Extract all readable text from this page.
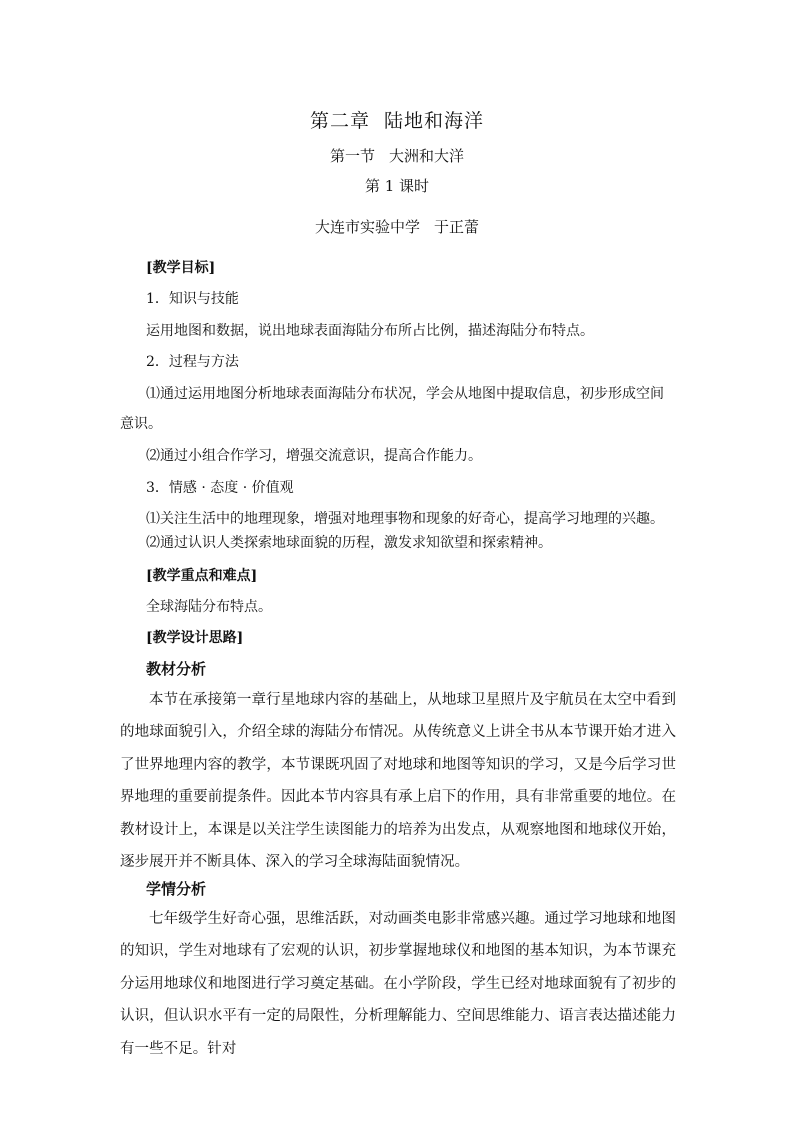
第二章 陆地和海洋
第一节 大洲和大洋
第 1 课时
大连市实验中学 于正蕾
[教学目标]
1．知识与技能
运用地图和数据，说出地球表面海陆分布所占比例，描述海陆分布特点。
2．过程与方法
⑴通过运用地图分析地球表面海陆分布状况，学会从地图中提取信息，初步形成空间
意识。
⑵通过小组合作学习，增强交流意识，提高合作能力。
3．情感 · 态度 · 价值观
⑴关注生活中的地理现象，增强对地理事物和现象的好奇心，提高学习地理的兴趣。
⑵通过认识人类探索地球面貌的历程，激发求知欲望和探索精神。
[教学重点和难点]
全球海陆分布特点。
[教学设计思路]
教材分析
本节在承接第一章行星地球内容的基础上，从地球卫星照片及宇航员在太空中看到的地球面貌引入，介绍全球的海陆分布情况。从传统意义上讲全书从本节课开始才进入了世界地理内容的教学，本节课既巩固了对地球和地图等知识的学习，又是今后学习世界地理的重要前提条件。因此本节内容具有承上启下的作用，具有非常重要的地位。在教材设计上，本课是以关注学生读图能力的培养为出发点，从观察地图和地球仪开始，逐步展开并不断具体、深入的学习全球海陆面貌情况。
学情分析
七年级学生好奇心强，思维活跃，对动画类电影非常感兴趣。通过学习地球和地图的知识，学生对地球有了宏观的认识，初步掌握地球仪和地图的基本知识，为本节课充分运用地球仪和地图进行学习奠定基础。在小学阶段，学生已经对地球面貌有了初步的认识，但认识水平有一定的局限性，分析理解能力、空间思维能力、语言表达描述能力有一些不足。针对
